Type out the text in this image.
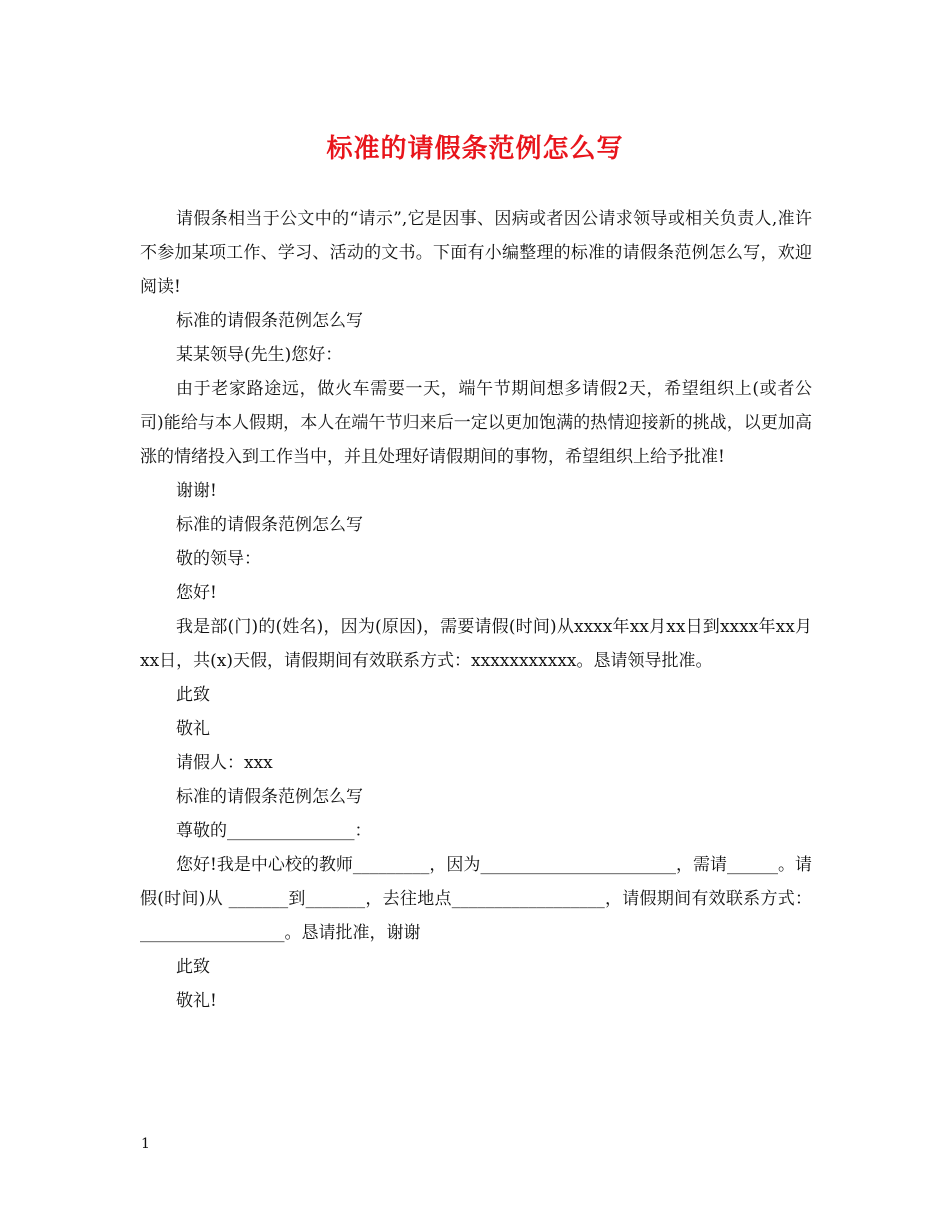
标准的请假条范例怎么写

请假条相当于公文中的“请示”,它是因事、因病或者因公请求领导或相关负责人,准许不参加某项工作、学习、活动的文书。下面有小编整理的标准的请假条范例怎么写，欢迎阅读!

标准的请假条范例怎么写

某某领导(先生)您好：

由于老家路途远，做火车需要一天，端午节期间想多请假2天，希望组织上(或者公司)能给与本人假期，本人在端午节归来后一定以更加饱满的热情迎接新的挑战，以更加高涨的情绪投入到工作当中，并且处理好请假期间的事物，希望组织上给予批准!

谢谢!

标准的请假条范例怎么写

敬的领导：

您好!

我是部(门)的(姓名)，因为(原因)，需要请假(时间)从xxxx年xx月xx日到xxxx年xx月xx日，共(x)天假，请假期间有效联系方式：xxxxxxxxxxx。恳请领导批准。

此致

敬礼

请假人：xxx

标准的请假条范例怎么写

尊敬的_______________：

您好!我是中心校的教师_________，因为_______________________，需请______。请假(时间)从 _______到_______，去往地点__________________，请假期间有效联系方式：_________________。恳请批准，谢谢

此致

敬礼!

1
